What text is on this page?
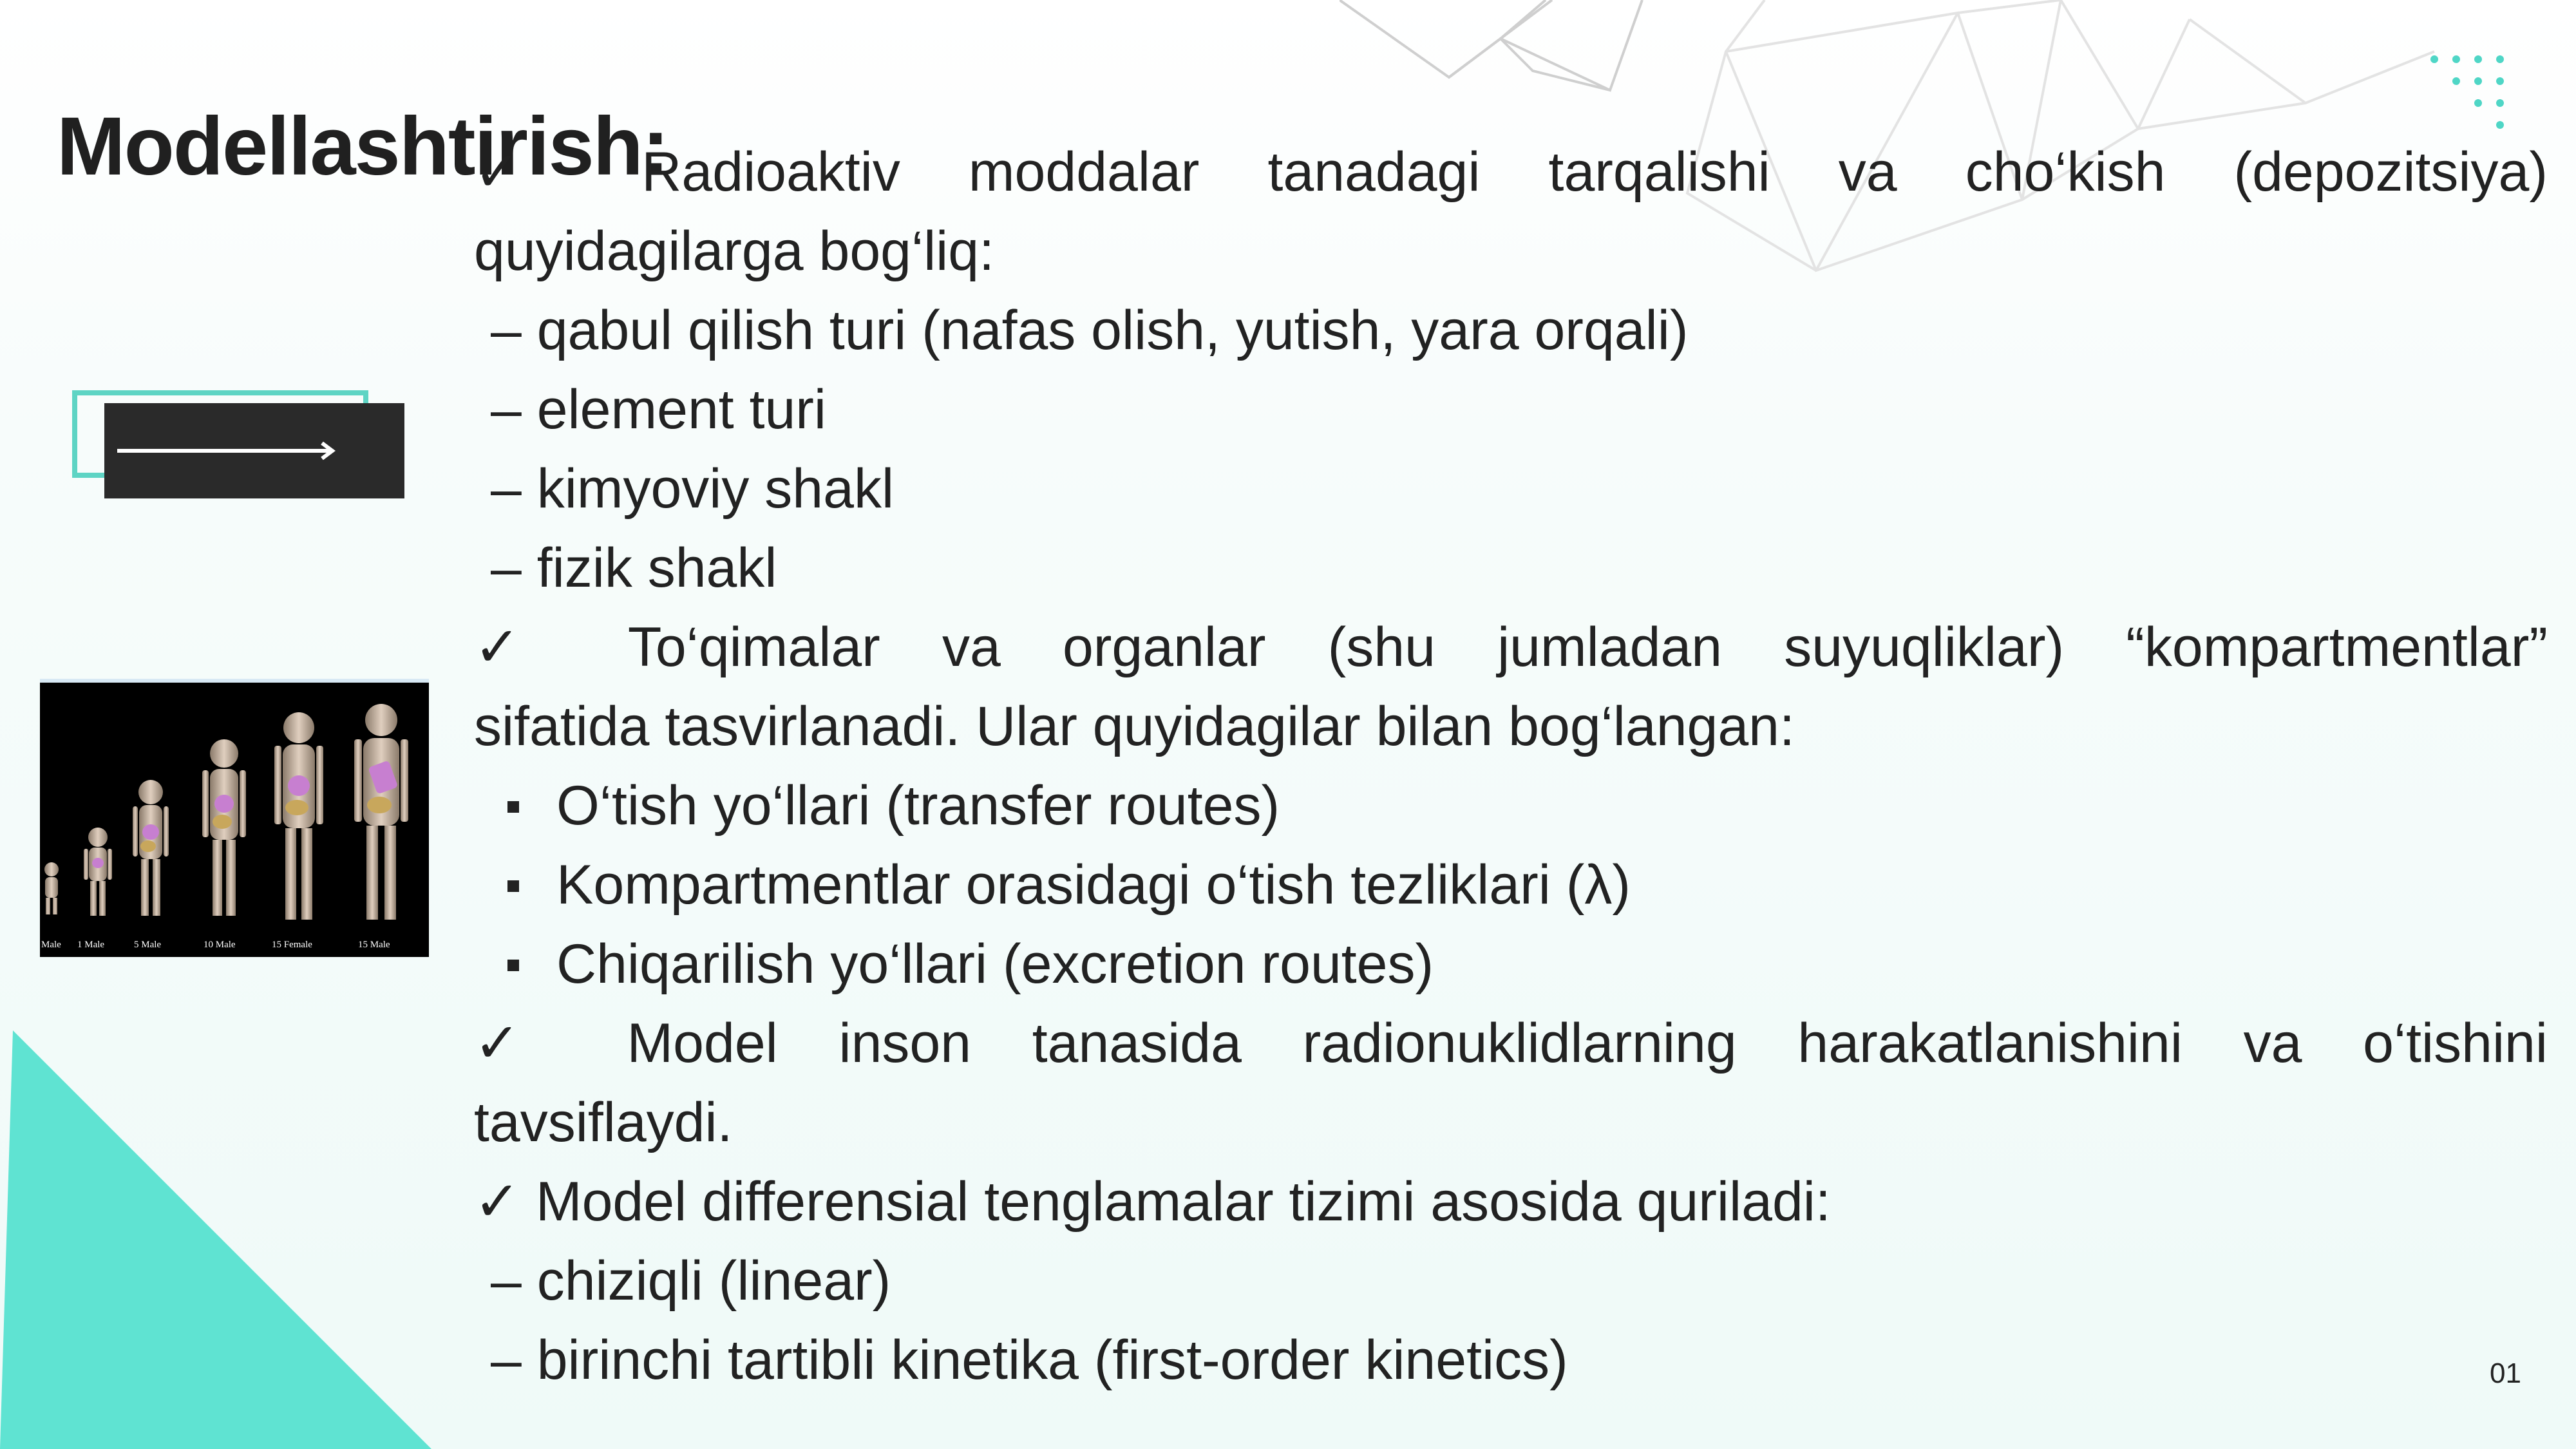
Modellashtirish:
Male 1 Male	5 Male	10 Male	15 Female	15 Male

✓ Radioaktiv moddalar tanadagi tarqalishi va cho‘kish (depozitsiya)

quyidagilarga bog‘liq:

– qabul qilish turi (nafas olish, yutish, yara orqali)

– element turi

– kimyoviy shakl

– fizik shakl

✓ To‘qimalar va organlar (shu jumladan suyuqliklar) “kompartmentlar”

sifatida tasvirlanadi. Ular quyidagilar bilan bog‘langan:

O‘tish yo‘llari (transfer routes)
Kompartmentlar orasidagi o‘tish tezliklari (λ)
Chiqarilish yo‘llari (excretion routes)

✓ Model inson tanasida radionuklidlarning harakatlanishini va o‘tishini

tavsiflaydi.

✓ Model differensial tenglamalar tizimi asosida quriladi:

– chiziqli (linear)

– birinchi tartibli kinetika (first-order kinetics)	01
